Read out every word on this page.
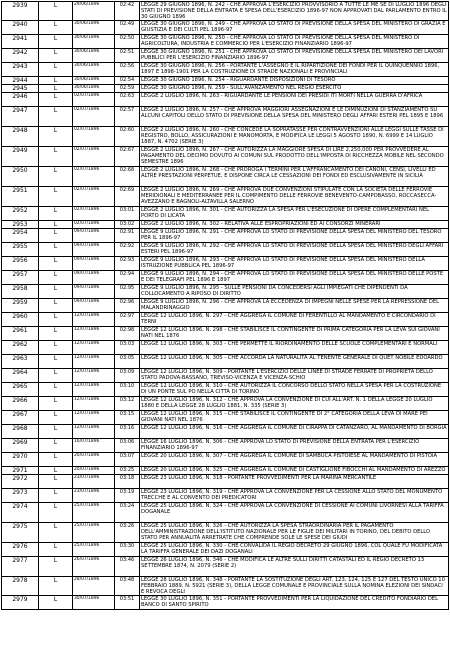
2939	L	29/06/1896	02:42	LEGGE 29 GIUGNO 1896, N. 242 - CHE APPROVA L'ESERCIZIO PROVVISORIO A TUTTE LE ME SE DI LUGLIO 1896 DEGLI STATI DI PREVISIONE DELLA ENTRATA E SPESA DELL'ESERCIZIO 1896-97 NON APPROVATI DAL PARLAMENTO ENTRO IL 30 GIUGNO 1896
2940	L	30/06/1896	02:49	LEGGE 30 GIUGNO 1896, N. 249 - CHE APPROVA LO STATO DI PREVISIONE DELLA SPESA DEL MINISTERO DI GRAZIA E GIUSTIZIA E DEI CULTI PEL 1896-97
2941	L	30/06/1896	02:50	LEGGE 30 GIUGNO 1896, N. 250 - CHE APPROVA LO STATO DI PREVISIONE DELLA SPESA DEL MINISTERO DI AGRICOLTURA, INDUSTRIA E COMMERCIO PER L'ESERCIZIO FINANZIARIO 1896-97
2942	L	30/06/1896	02:51	LEGGE 30 GIUGNO 1896, N. 251 - CHE APPROVA LO STATO DI PREVISIONE DELLA SPESA DEL MINISTERO DEI LAVORI PUBBLICI PER L'ESERCIZIO FINANZIARIO 1896-97
2943	L	30/06/1896	02:56	LEGGE 30 GIUGNO 1896, N. 256 - PORTANTE L'ASSEGNO E IL RIPARTIZIONE DEI FONDI PER IL QUINQUENNIO 1896, 1897 E 1898-1901 PER LA COSTRUZIONE DI STRADE NAZIONALI E PROVINCIALI
2944	L	30/06/1896	02:54	LEGGE 30 GIUGNO 1896, N. 254 - RIGUARDANTE DISPOSIZIONI DI TESORO
2945	L	30/06/1896	02:59	LEGGE 30 GIUGNO 1896, N. 259 - SULL'AVANZAMENTO NEL REGIO ESERCITO
2946	L	02/07/1896	02:63	LEGGE 2 LUGLIO 1896, N. 263 - RIGUARDANTE LE PENSIONI DEI PRESIDI ITI MORTI NELLA GUERRA D'AFRICA
2947	L	02/07/1896	02:57	LEGGE 2 LUGLIO 1896, N. 257 - CHE APPROVA MAGGIORI ASSEGNAZIONI E LE DIMINUZIONI DI STANZIAMENTO SU ALCUNI CAPITOLI DELLO STATO DI PREVISIONE DELLA SPESA DEL MINISTERO DEGLI AFFARI ESTERI PEL 1895 E 1896
2948	L	02/07/1896	02:60	LEGGE 2 LUGLIO 1896, N. 260 - CHE CONCEDE LA SOPRATASSE PER CONTRAVVENZIONI ALLE LEGGI SULLE TASSE DI REGISTRO, BOLLO, ASSICURAZIONI E MANOMORTA, E MODIFICA LE LEGGI 5 AGOSTO 1890, N. 6999 E 14 LUGLIO 1887, N. 4702 (SERIE 3)
2949	L	02/07/1896	02:67	LEGGE 2 LUGLIO 1896, N. 267 - CHE AUTORIZZA LA MAGGIORE SPESA DI LIRE 2,250,000 PER PROVVEDERE AL PAGAMENTO DEL DECIMO DOVUTO AI COMUNI SUL PRODOTTO DELL'IMPOSTA DI RICCHEZZA MOBILE NEL SECONDO SEMESTRE 1896
2950	L	02/07/1896	02:68	LEGGE 2 LUGLIO 1896, N. 268 - CHE PROROGA I TERMINI PER L'AFFRANCAMENTO DEI CANONI, CENSI, LIVELLI ED ALTRE PRESTAZIONI PERPETUE, E DISPONE CIRCA LE CESSAZIONI DEI FONDI ED ESCLUSIVAMENTE IN SICILIA
2951	L	02/07/1896	02:69	LEGGE 2 LUGLIO 1896, N. 269 - CHE APPROVA DUE CONVENZIONI STIPULATE CON LA SOCIETÀ DELLE FERROVIE MERIDIONALI E MEDITERRANEE PER IL COMPIMENTO DELLE FERROVIE BENEVENTO-CAMPOBASSO, ROCCASECCA-AVEZZANO E BAGNOLI-ALTAVILLA SALERNO
2952	L	02/07/1896	03:01	LEGGE 2 LUGLIO 1896, N. 301 - CHE AUTORIZZA LA SPESA PER L'ESECUZIONE DI OPERE COMPLEMENTARI NEL PORTO DI LICATA
2953	L	02/07/1896	03:02	LEGGE 2 LUGLIO 1896, N. 302 - RELATIVA ALLE ESPROPRIAZIONI ED AI CONSORZI MINERARI
2954	L	09/07/1896	02:91	LEGGE 9 LUGLIO 1896, N. 291 - CHE APPROVA LO STATO DI PREVISIONE DELLA SPESA DEL MINISTERO DEL TESORO PER IL 1896-97
2955	L	09/07/1896	02:92	LEGGE 9 LUGLIO 1896, N. 292 - CHE APPROVA LO STATO DI PREVISIONE DELLA SPESA DEL MINISTERO DEGLI AFFARI ESTERI PEL 1896-97
2956	L	09/07/1896	02:93	LEGGE 9 LUGLIO 1896, N. 293 - CHE APPROVA LO STATO DI PREVISIONE DELLA SPESA DEL MINISTERO DELLA ISTRUZIONE PUBBLICA PEL 1896-97
2957	L	09/07/1896	02:94	LEGGE 9 LUGLIO 1896, N. 294 - CHE APPROVA LO STATO DI PREVISIONE DELLA SPESA DEL MINISTERO DELLE POSTE E DEI TELEGRAFI PEL 1896 E 1897
2958	L	09/07/1896	02:95	LEGGE 9 LUGLIO 1896, N. 295 - SULLE PENSIONI DA CONCEDERSI AGLI IMPIEGATI CHE DIPENDENTI DA COLLOCAMENTO A RIPOSO DI DIRITTO
2959	L	09/07/1896	02:96	LEGGE 9 LUGLIO 1896, N. 296 - CHE APPROVA LA ECCEDENZA DI IMPEGNI NELLE SPESE PER LA REPRESSIONE DEL MALANDRINAGGIO
2960	L	12/07/1896	02:97	LEGGE 12 LUGLIO 1896, N. 297 - CHE AGGREGA IL COMUNE DI FERENTILLO AL MANDAMENTO E CIRCONDARIO DI TERNI
2961	L	12/07/1896	02:98	LEGGE 12 LUGLIO 1896, N. 298 - CHE STABILISCE IL CONTINGENTE DI PRIMA CATEGORIA PER LA LEVA SUI GIOVANI NATI NEL 1876
2962	L	12/07/1896	03:03	LEGGE 12 LUGLIO 1896, N. 303 - CHE PERMETTE IL RIORDINAMENTO DELLE SCUOLE COMPLEMENTARI E NORMALI
2963	L	12/07/1896	03:05	LEGGE 12 LUGLIO 1896, N. 305 - CHE ACCORDA LA NATURALITÀ AL TENENTE GENERALE DI QUET NOBILE EDOARDO
2964	L	12/07/1896	03:09	LEGGE 12 LUGLIO 1896, N. 309 - PORTANTE L'ESERCIZIO DELLE LINEE DI STRADE FERRATE DI PROPRIETÀ DELLO STATO PADOVA-BASSANO, TREVISO-VICENZA E VICENZA-SCHIO
2965	L	12/07/1896	03:10	LEGGE 12 LUGLIO 1896, N. 310 - CHE AUTORIZZA IL CONCORSO DELLO STATO NELLA SPESA PER LA COSTRUZIONE DI UN PONTE SUL PO NELLA CITTÀ DI TORINO
2966	L	12/07/1896	03:12	LEGGE 12 LUGLIO 1896, N. 312 - CHE APPROVA LA CONVENZIONE DI CUI ALL'ART. N. 1 DELLA LEGGE 20 LUGLIO 1880 E DELLA LEGGE 28 LUGLIO 1881, N. 335 (SERIE 3)
2967	L	12/07/1896	03:15	LEGGE 12 LUGLIO 1896, N. 315 - CHE STABILISCE IL CONTINGENTE DI 2° CATEGORIA DELLA LEVA DI MARE PEI GIOVANI NATI NEL 1876
2968	L	12/07/1896	03:16	LEGGE 12 LUGLIO 1896, N. 316 - CHE AGGREGA IL COMUNE DI CIRAPPA DI CATANZARO, AL MANDAMENTO DI BORGIA
2969	L	16/07/1896	03:06	LEGGE 16 LUGLIO 1896, N. 306 - CHE APPROVA LO STATO DI PREVISIONE DELLA ENTRATA PER L'ESERCIZIO FINANZIARIO 1896-97
2970	L	20/07/1896	03:07	LEGGE 20 LUGLIO 1896, N. 307 - CHE AGGREGA IL COMUNE DI SAMBUCA PISTOIESE AL MANDAMENTO DI PISTOIA
2971	L	20/07/1896	03:25	LEGGE 20 LUGLIO 1896, N. 325 - CHE AGGREGA IL COMUNE DI CASTIGLIONE FIBOCCHI AL MANDAMENTO DI AREZZO
2972	L	23/07/1896	03:18	LEGGE 23 LUGLIO 1896, N. 318 - PORTANTE PROVVEDIMENTI PER LA MARINA MERCANTILE
2973	L	23/07/1896	03:19	LEGGE 23 LUGLIO 1896, N. 319 - CHE APPROVA LA CONVENZIONE PER LA CESSIONE ALLO STATO DEL MONUMENTO TRECCHE E AL CONVENTO DEI PREDICATORI
2974	L	25/07/1896	03:24	LEGGE 25 LUGLIO 1896, N. 324 - CHE APPROVA LA CONVENZIONE DI CESSIONE AI COMUNI LIVORNESI ALLA TARIFFA DOGANALE
2975	L	25/07/1896	03:26	LEGGE 25 LUGLIO 1896, N. 326 - CHE AUTORIZZA LA SPESA STRAORDINARIA PER IL PAGAMENTO DELL'AMMINISTRAZIONE DELL'ISTITUTO NAZIONALE PER LE FIGLIE DEI MILITARI IN TORINO, DEL DEBITO DELLO STATO PER ANNUALITÀ ARRETRATE CHE COMPRENDE SOLE LE SPESE DEI GIUDI
2976	L	25/07/1896	03:30	LEGGE 25 LUGLIO 1896, N. 330 - CHE CONVALIDA IL REGIO DECRETO 29 GIUGNO 1896, COL QUALE FU MODIFICATA LA TARIFFA GENERALE DEI DAZI DOGANALI
2977	L	26/07/1896	03:46	LEGGE 26 LUGLIO 1896, N. 346 - CHE MODIFICA LE ALTRE SULLI DIRITTI CATASTALI ED IL REGIO DECRETO 13 SETTEMBRE 1874, N. 2079 (SERIE 2)
2978	L	28/07/1896	03:48	LEGGE 28 LUGLIO 1896, N. 348 - PORTANTE LA SOSTITUZIONE DEGLI ART. 123, 124, 125 E 127 DEL TESTO UNICO 10 FEBBRAIO 1889, N. 5921 (SERIE 3), DELLA LEGGE COMUNALE E PROVINCIALE SULLA NOMINA ELEZIONI DEI SINDACI E REVOCA DEGLI
2979	L	30/07/1896	03:51	LEGGE 30 LUGLIO 1896, N. 351 - PORTANTE PROVVEDIMENTI PER LA LIQUIDAZIONE DEL CREDITO FONDIARIO DEL BANCO DI SANTO SPIRITO
